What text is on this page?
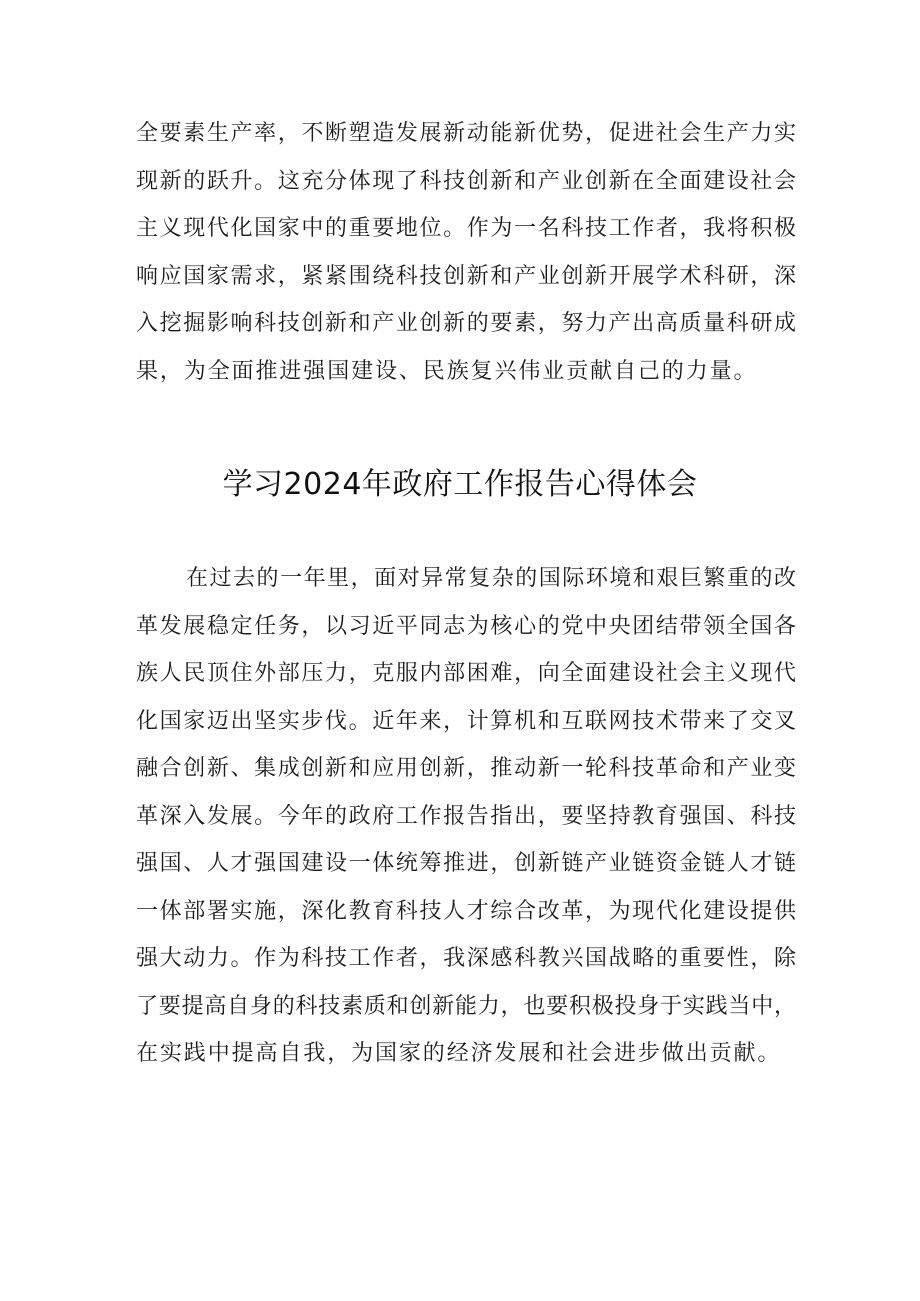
全要素生产率，不断塑造发展新动能新优势，促进社会生产力实
现新的跃升。这充分体现了科技创新和产业创新在全面建设社会
主义现代化国家中的重要地位。作为一名科技工作者，我将积极
响应国家需求，紧紧围绕科技创新和产业创新开展学术科研，深
入挖掘影响科技创新和产业创新的要素，努力产出高质量科研成
果，为全面推进强国建设、民族复兴伟业贡献自己的力量。
学习2024年政府工作报告心得体会
在过去的一年里，面对异常复杂的国际环境和艰巨繁重的改
革发展稳定任务，以习近平同志为核心的党中央团结带领全国各
族人民顶住外部压力，克服内部困难，向全面建设社会主义现代
化国家迈出坚实步伐。近年来，计算机和互联网技术带来了交叉
融合创新、集成创新和应用创新，推动新一轮科技革命和产业变
革深入发展。今年的政府工作报告指出，要坚持教育强国、科技
强国、人才强国建设一体统筹推进，创新链产业链资金链人才链
一体部署实施，深化教育科技人才综合改革，为现代化建设提供
强大动力。作为科技工作者，我深感科教兴国战略的重要性，除
了要提高自身的科技素质和创新能力，也要积极投身于实践当中，
在实践中提高自我，为国家的经济发展和社会进步做出贡献。
